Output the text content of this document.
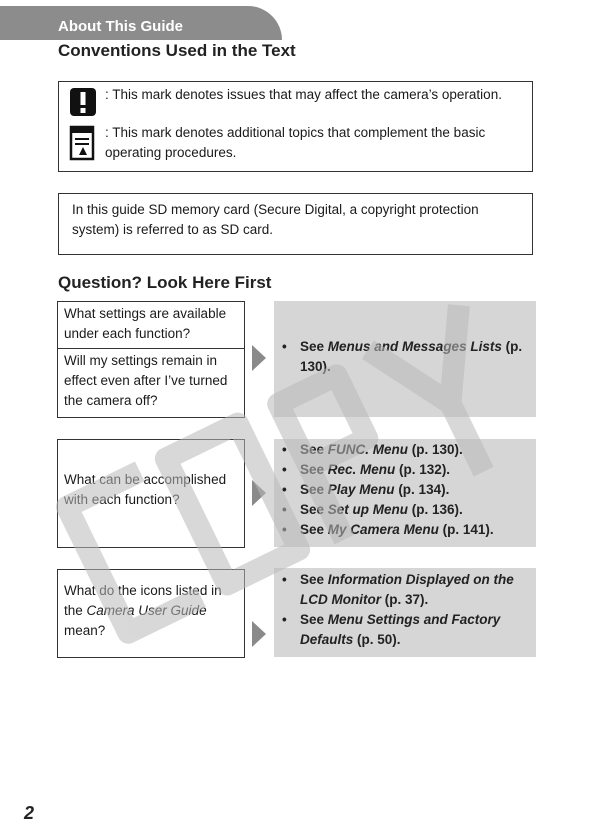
About This Guide
Conventions Used in the Text
: This mark denotes issues that may affect the camera’s operation.
: This mark denotes additional topics that complement the basic operating procedures.
In this guide SD memory card (Secure Digital, a copyright protection system) is referred to as SD card.
Question? Look Here First
What settings are available under each function?
Will my settings remain in effect even after I’ve turned the camera off?
• See Menus and Messages Lists (p. 130).
What can be accomplished with each function?
• See FUNC. Menu (p. 130).
• See Rec. Menu (p. 132).
• See Play Menu (p. 134).
• See Set up Menu (p. 136).
• See My Camera Menu (p. 141).
What do the icons listed in the Camera User Guide mean?
• See Information Displayed on the LCD Monitor (p. 37).
• See Menu Settings and Factory Defaults (p. 50).
2
